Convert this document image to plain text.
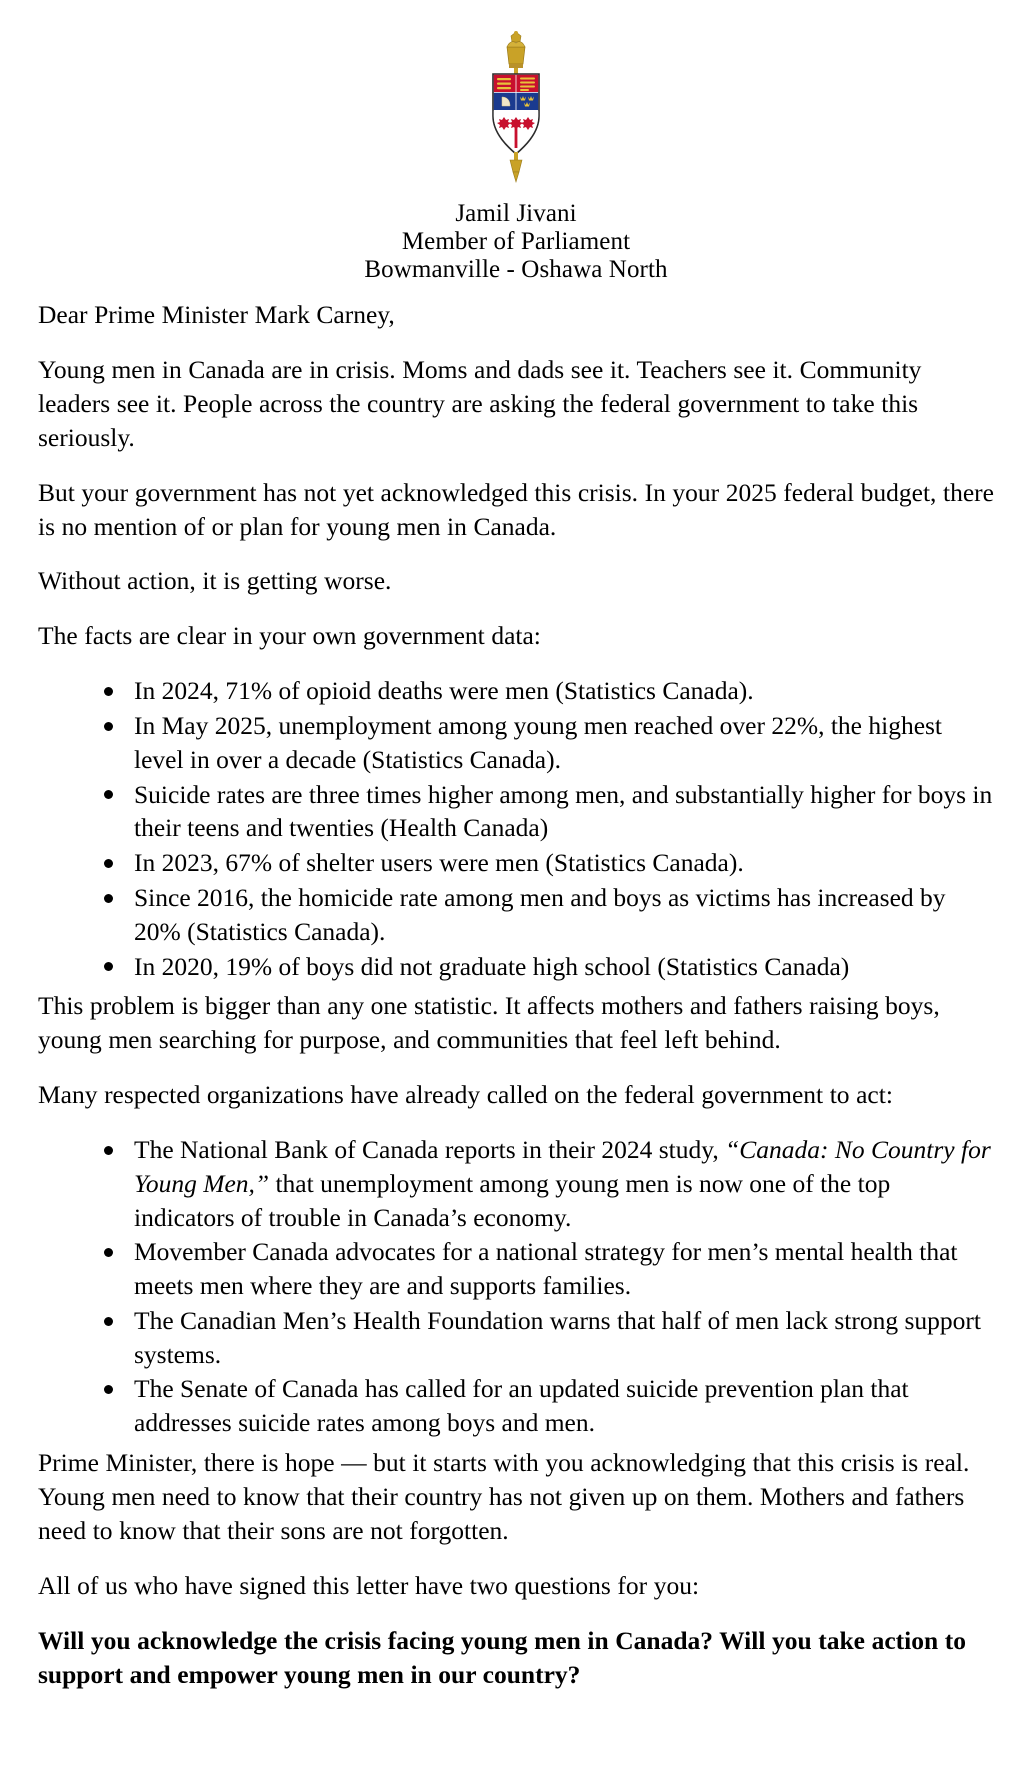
Jamil Jivani
Member of Parliament
Bowmanville - Oshawa North

Dear Prime Minister Mark Carney,

Young men in Canada are in crisis. Moms and dads see it. Teachers see it. Community leaders see it. People across the country are asking the federal government to take this seriously.

But your government has not yet acknowledged this crisis. In your 2025 federal budget, there is no mention of or plan for young men in Canada.

Without action, it is getting worse.

The facts are clear in your own government data:

In 2024, 71% of opioid deaths were men (Statistics Canada).
In May 2025, unemployment among young men reached over 22%, the highest level in over a decade (Statistics Canada).
Suicide rates are three times higher among men, and substantially higher for boys in their teens and twenties (Health Canada)
In 2023, 67% of shelter users were men (Statistics Canada).
Since 2016, the homicide rate among men and boys as victims has increased by 20% (Statistics Canada).
In 2020, 19% of boys did not graduate high school (Statistics Canada)

This problem is bigger than any one statistic. It affects mothers and fathers raising boys, young men searching for purpose, and communities that feel left behind.

Many respected organizations have already called on the federal government to act:

The National Bank of Canada reports in their 2024 study, “Canada: No Country for Young Men,” that unemployment among young men is now one of the top indicators of trouble in Canada’s economy.
Movember Canada advocates for a national strategy for men’s mental health that meets men where they are and supports families.
The Canadian Men’s Health Foundation warns that half of men lack strong support systems.
The Senate of Canada has called for an updated suicide prevention plan that addresses suicide rates among boys and men.

Prime Minister, there is hope — but it starts with you acknowledging that this crisis is real. Young men need to know that their country has not given up on them. Mothers and fathers need to know that their sons are not forgotten.

All of us who have signed this letter have two questions for you:

Will you acknowledge the crisis facing young men in Canada? Will you take action to support and empower young men in our country?
